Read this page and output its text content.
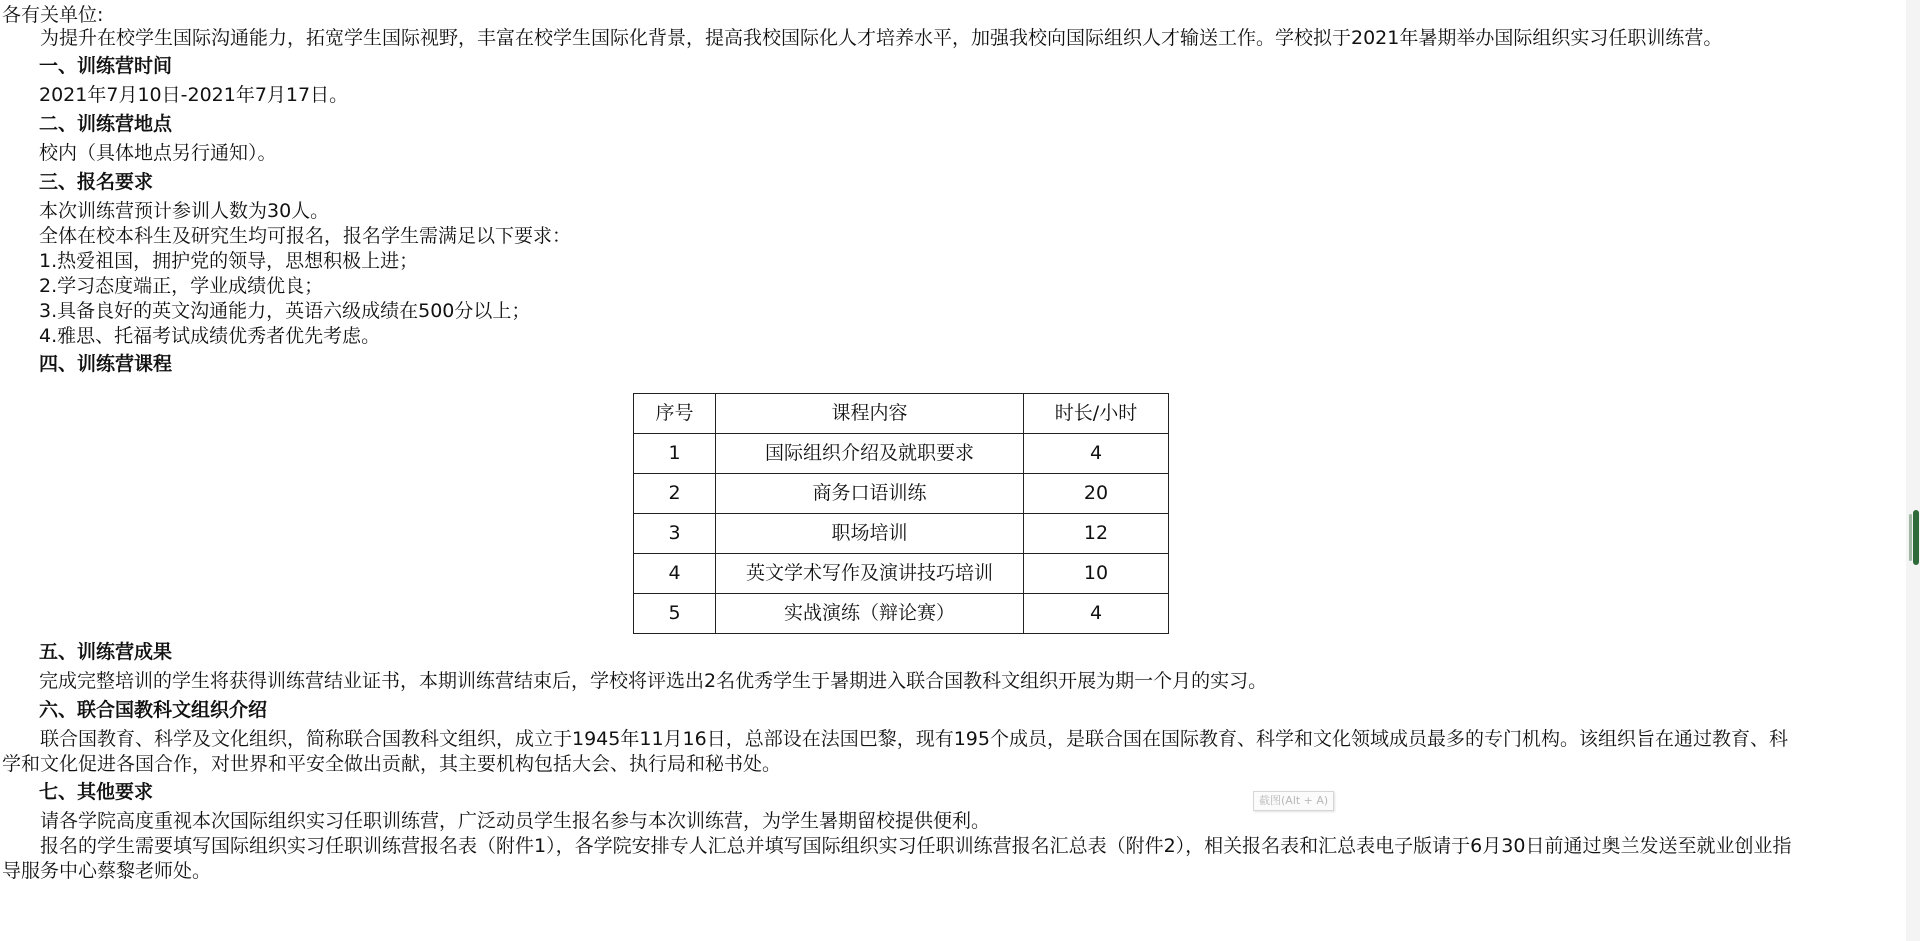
各有关单位:

为提升在校学生国际沟通能力，拓宽学生国际视野，丰富在校学生国际化背景，提高我校国际化人才培养水平，加强我校向国际组织人才输送工作。学校拟于2021年暑期举办国际组织实习任职训练营。

一、训练营时间

2021年7月10日-2021年7月17日。

二、训练营地点

校内（具体地点另行通知）。

三、报名要求

本次训练营预计参训人数为30人。

全体在校本科生及研究生均可报名，报名学生需满足以下要求：

1.热爱祖国，拥护党的领导，思想积极上进；

2.学习态度端正，学业成绩优良；

3.具备良好的英文沟通能力，英语六级成绩在500分以上；

4.雅思、托福考试成绩优秀者优先考虑。

四、训练营课程

序号	课程内容	时长/小时
1	国际组织介绍及就职要求	4
2	商务口语训练	20
3	职场培训	12
4	英文学术写作及演讲技巧培训	10
5	实战演练（辩论赛）	4

五、训练营成果

完成完整培训的学生将获得训练营结业证书，本期训练营结束后，学校将评选出2名优秀学生于暑期进入联合国教科文组织开展为期一个月的实习。

六、联合国教科文组织介绍

联合国教育、科学及文化组织，简称联合国教科文组织，成立于1945年11月16日，总部设在法国巴黎，现有195个成员，是联合国在国际教育、科学和文化领域成员最多的专门机构。该组织旨在通过教育、科学和文化促进各国合作，对世界和平安全做出贡献，其主要机构包括大会、执行局和秘书处。

七、其他要求

请各学院高度重视本次国际组织实习任职训练营，广泛动员学生报名参与本次训练营，为学生暑期留校提供便利。

报名的学生需要填写国际组织实习任职训练营报名表（附件1），各学院安排专人汇总并填写国际组织实习任职训练营报名汇总表（附件2），相关报名表和汇总表电子版请于6月30日前通过奥兰发送至就业创业指导服务中心蔡黎老师处。

截图(Alt + A)
